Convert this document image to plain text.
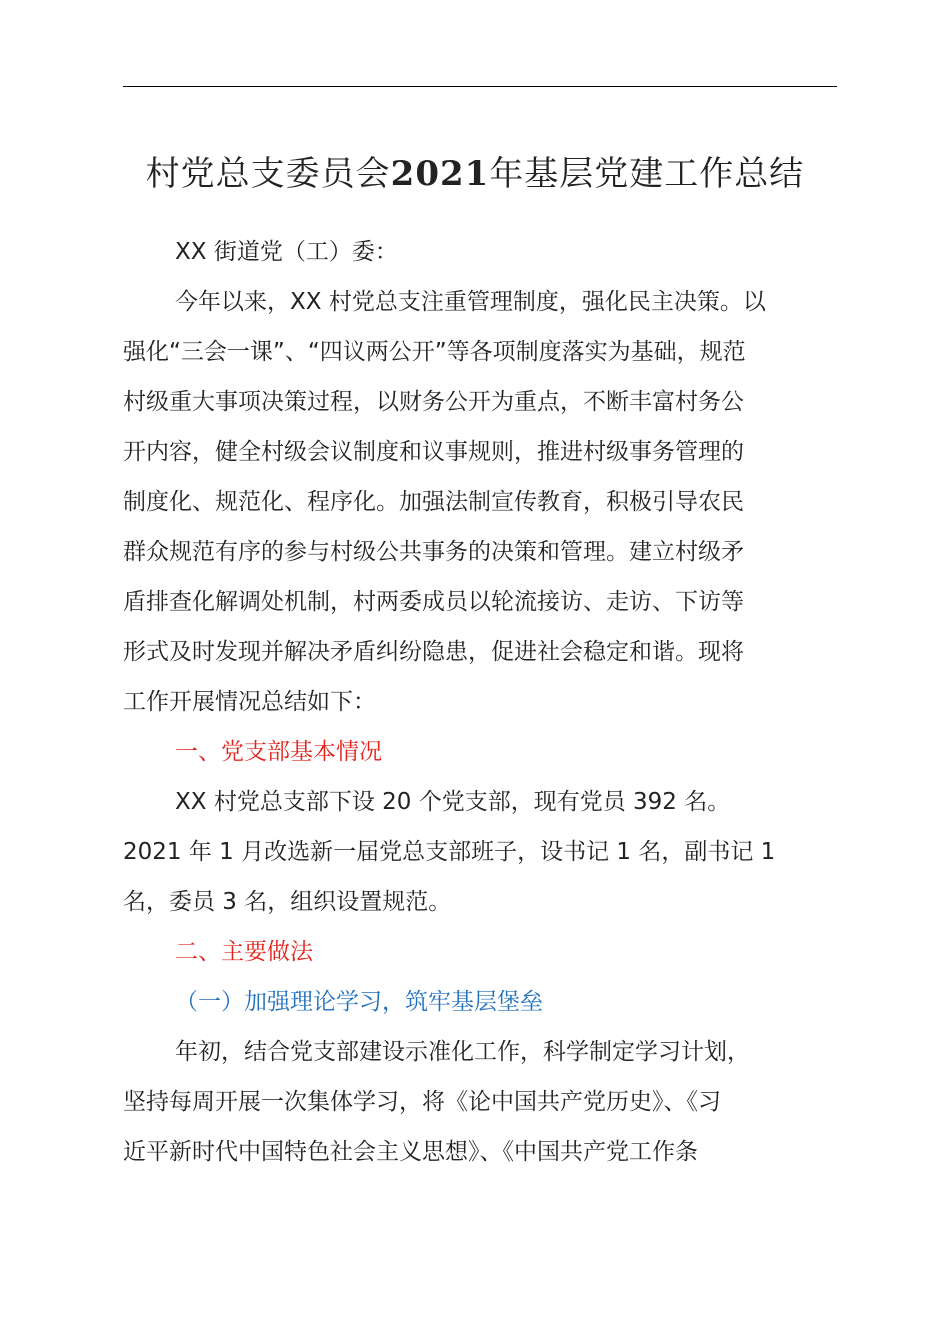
村党总支委员会2021年基层党建工作总结
XX 街道党（工）委：
今年以来，XX 村党总支注重管理制度，强化民主决策。以
强化“三会一课”、“四议两公开”等各项制度落实为基础，规范
村级重大事项决策过程，以财务公开为重点，不断丰富村务公
开内容，健全村级会议制度和议事规则，推进村级事务管理的
制度化、规范化、程序化。加强法制宣传教育，积极引导农民
群众规范有序的参与村级公共事务的决策和管理。建立村级矛
盾排查化解调处机制，村两委成员以轮流接访、走访、下访等
形式及时发现并解决矛盾纠纷隐患，促进社会稳定和谐。现将
工作开展情况总结如下：
一、党支部基本情况
XX 村党总支部下设 20 个党支部，现有党员 392 名。
2021 年 1 月改选新一届党总支部班子，设书记 1 名，副书记 1
名，委员 3 名，组织设置规范。
二、主要做法
（一）加强理论学习，筑牢基层堡垒
年初，结合党支部建设示准化工作，科学制定学习计划，
坚持每周开展一次集体学习，将《论中国共产党历史》、《习
近平新时代中国特色社会主义思想》、《中国共产党工作条
